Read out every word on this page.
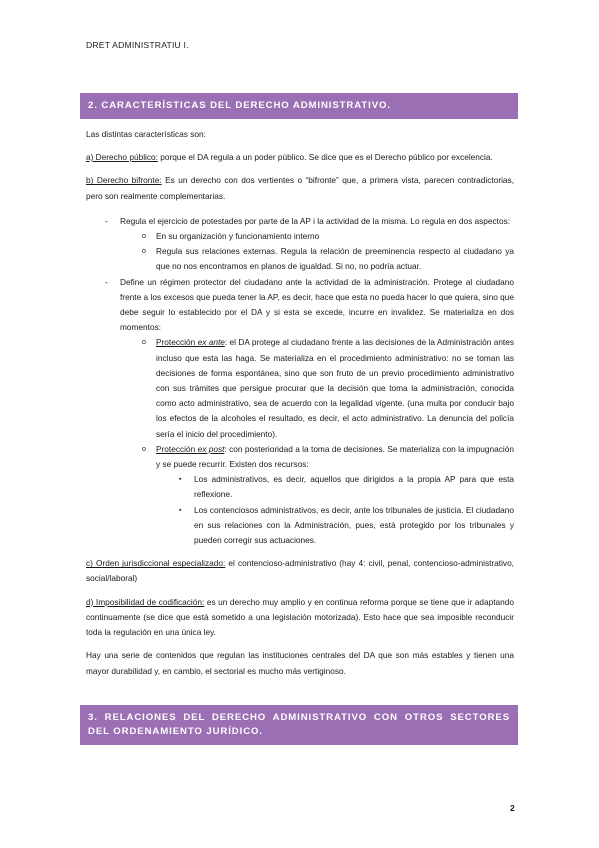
DRET ADMINISTRATIU I.
2. CARACTERÍSTICAS DEL DERECHO ADMINISTRATIVO.
Las distintas características son:
a) Derecho público: porque el DA regula a un poder público. Se dice que es el Derecho público por excelencia.
b) Derecho bifronte: Es un derecho con dos vertientes o “bifronte” que, a primera vista, parecen contradictorias, pero son realmente complementarias.
- Regula el ejercicio de potestades por parte de la AP i la actividad de la misma. Lo regula en dos aspectos:
o En su organización y funcionamiento interno
o Regula sus relaciones externas. Regula la relación de preeminencia respecto al ciudadano ya que no nos encontramos en planos de igualdad. Si no, no podría actuar.
- Define un régimen protector del ciudadano ante la actividad de la administración. Protege al ciudadano frente a los excesos que pueda tener la AP, es decir, hace que esta no pueda hacer lo que quiera, sino que debe seguir lo establecido por el DA y si esta se excede, incurre en invalidez. Se materializa en dos momentos:
o Protección ex ante: el DA protege al ciudadano frente a las decisiones de la Administración antes incluso que esta las haga. Se materializa en el procedimiento administrativo: no se toman las decisiones de forma espontánea, sino que son fruto de un previo procedimiento administrativo con sus trámites que persigue procurar que la decisión que toma la administración, conocida como acto administrativo, sea de acuerdo con la legalidad vigente. (una multa por conducir bajo los efectos de la alcoholes el resultado, es decir, el acto administrativo. La denuncia del policía sería el inicio del procedimiento).
o Protección ex post: con posterioridad a la toma de decisiones. Se materializa con la impugnación y se puede recurrir. Existen dos recursos:
▪ Los administrativos, es decir, aquellos que dirigidos a la propia AP para que esta reflexione.
▪ Los contenciosos administrativos, es decir, ante los tribunales de justicia. El ciudadano en sus relaciones con la Administración, pues, está protegido por los tribunales y pueden corregir sus actuaciones.
c) Orden jurisdiccional especializado: el contencioso-administrativo (hay 4: civil, penal, contencioso-administrativo, social/laboral)
d) Imposibilidad de codificación: es un derecho muy amplio y en continua reforma porque se tiene que ir adaptando continuamente (se dice que está sometido a una legislación motorizada). Esto hace que sea imposible reconducir toda la regulación en una única ley.
Hay una serie de contenidos que regulan las instituciones centrales del DA que son más estables y tienen una mayor durabilidad y, en cambio, el sectorial es mucho más vertiginoso.
3. RELACIONES DEL DERECHO ADMINISTRATIVO CON OTROS SECTORES DEL ORDENAMIENTO JURÍDICO.
2
